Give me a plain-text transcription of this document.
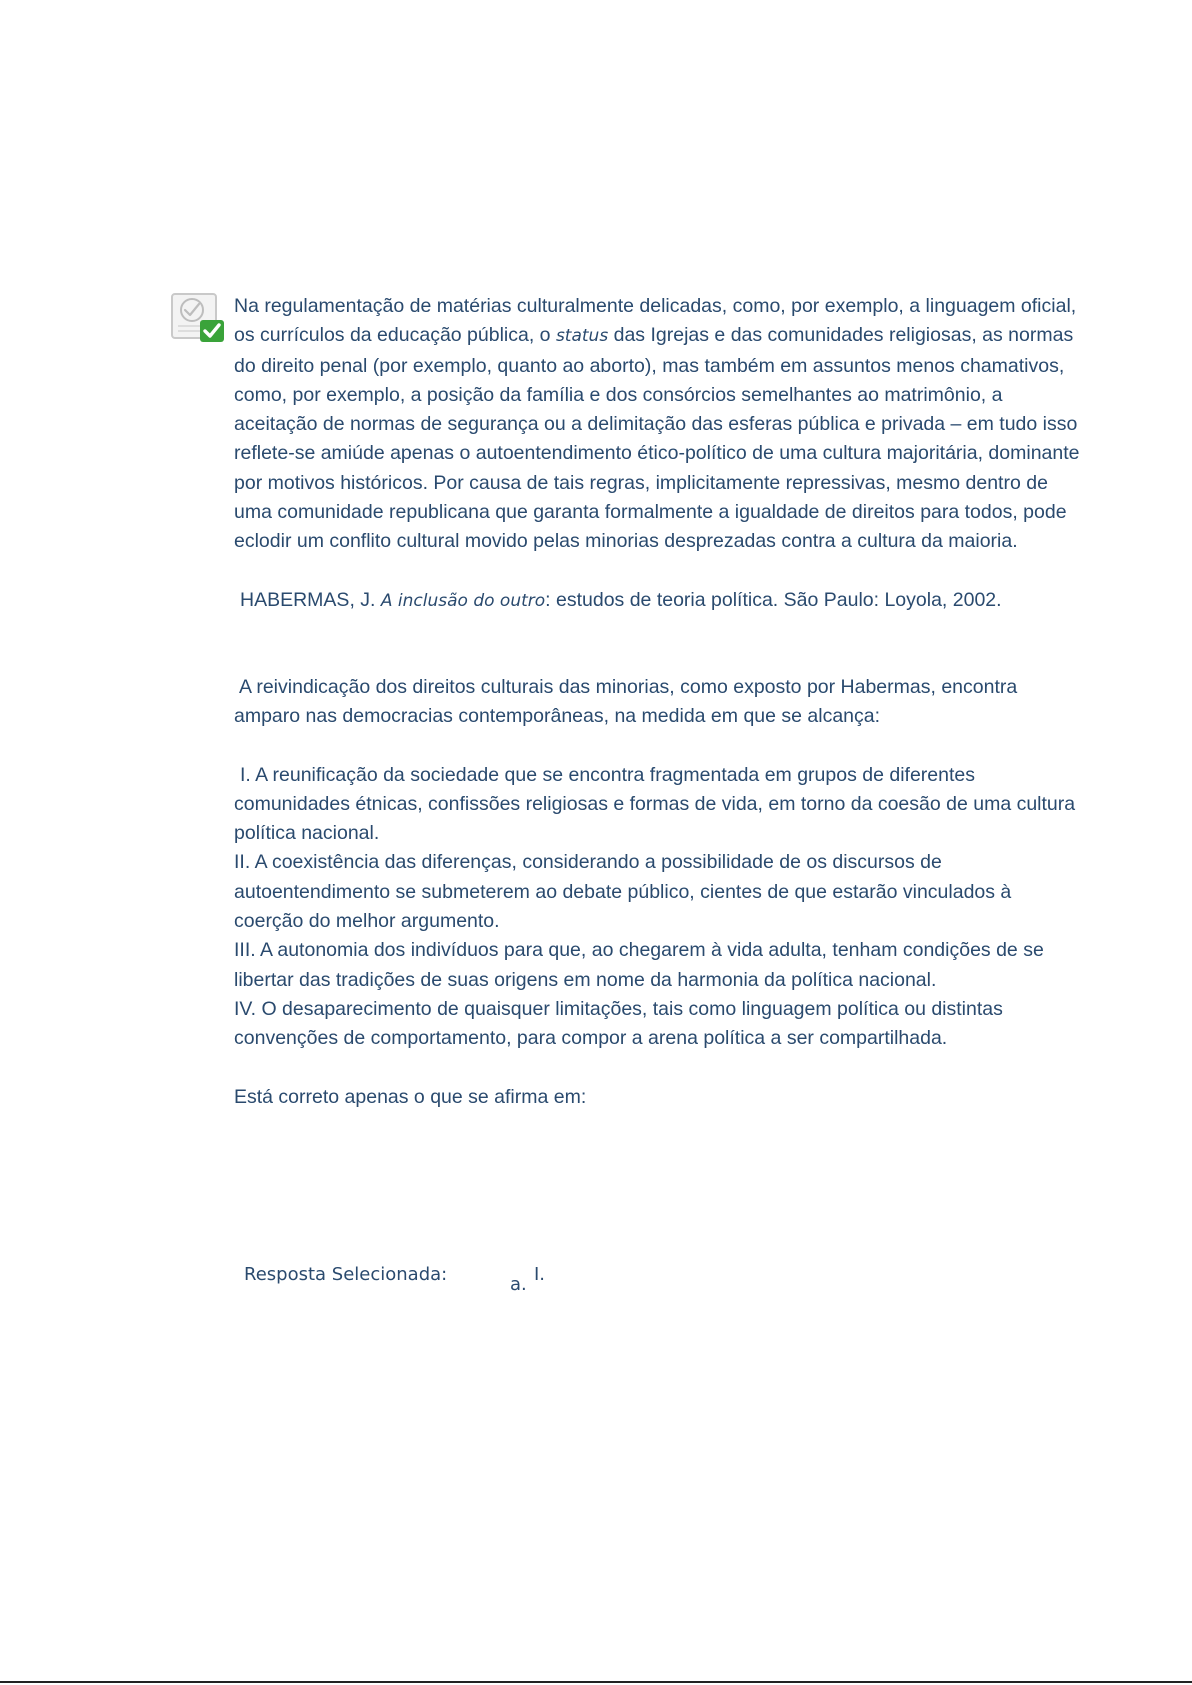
Na regulamentação de matérias culturalmente delicadas, como, por exemplo, a linguagem oficial, os currículos da educação pública, o status das Igrejas e das comunidades religiosas, as normas do direito penal (por exemplo, quanto ao aborto), mas também em assuntos menos chamativos, como, por exemplo, a posição da família e dos consórcios semelhantes ao matrimônio, a aceitação de normas de segurança ou a delimitação das esferas pública e privada – em tudo isso reflete-se amiúde apenas o autoentendimento ético-político de uma cultura majoritária, dominante por motivos históricos. Por causa de tais regras, implicitamente repressivas, mesmo dentro de uma comunidade republicana que garanta formalmente a igualdade de direitos para todos, pode eclodir um conflito cultural movido pelas minorias desprezadas contra a cultura da maioria.

HABERMAS, J. A inclusão do outro: estudos de teoria política. São Paulo: Loyola, 2002.

A reivindicação dos direitos culturais das minorias, como exposto por Habermas, encontra amparo nas democracias contemporâneas, na medida em que se alcança:

I. A reunificação da sociedade que se encontra fragmentada em grupos de diferentes comunidades étnicas, confissões religiosas e formas de vida, em torno da coesão de uma cultura política nacional.
II. A coexistência das diferenças, considerando a possibilidade de os discursos de autoentendimento se submeterem ao debate público, cientes de que estarão vinculados à coerção do melhor argumento.
III. A autonomia dos indivíduos para que, ao chegarem à vida adulta, tenham condições de se libertar das tradições de suas origens em nome da harmonia da política nacional.
IV. O desaparecimento de quaisquer limitações, tais como linguagem política ou distintas convenções de comportamento, para compor a arena política a ser compartilhada.

Está correto apenas o que se afirma em:

Resposta Selecionada:	a. I.
